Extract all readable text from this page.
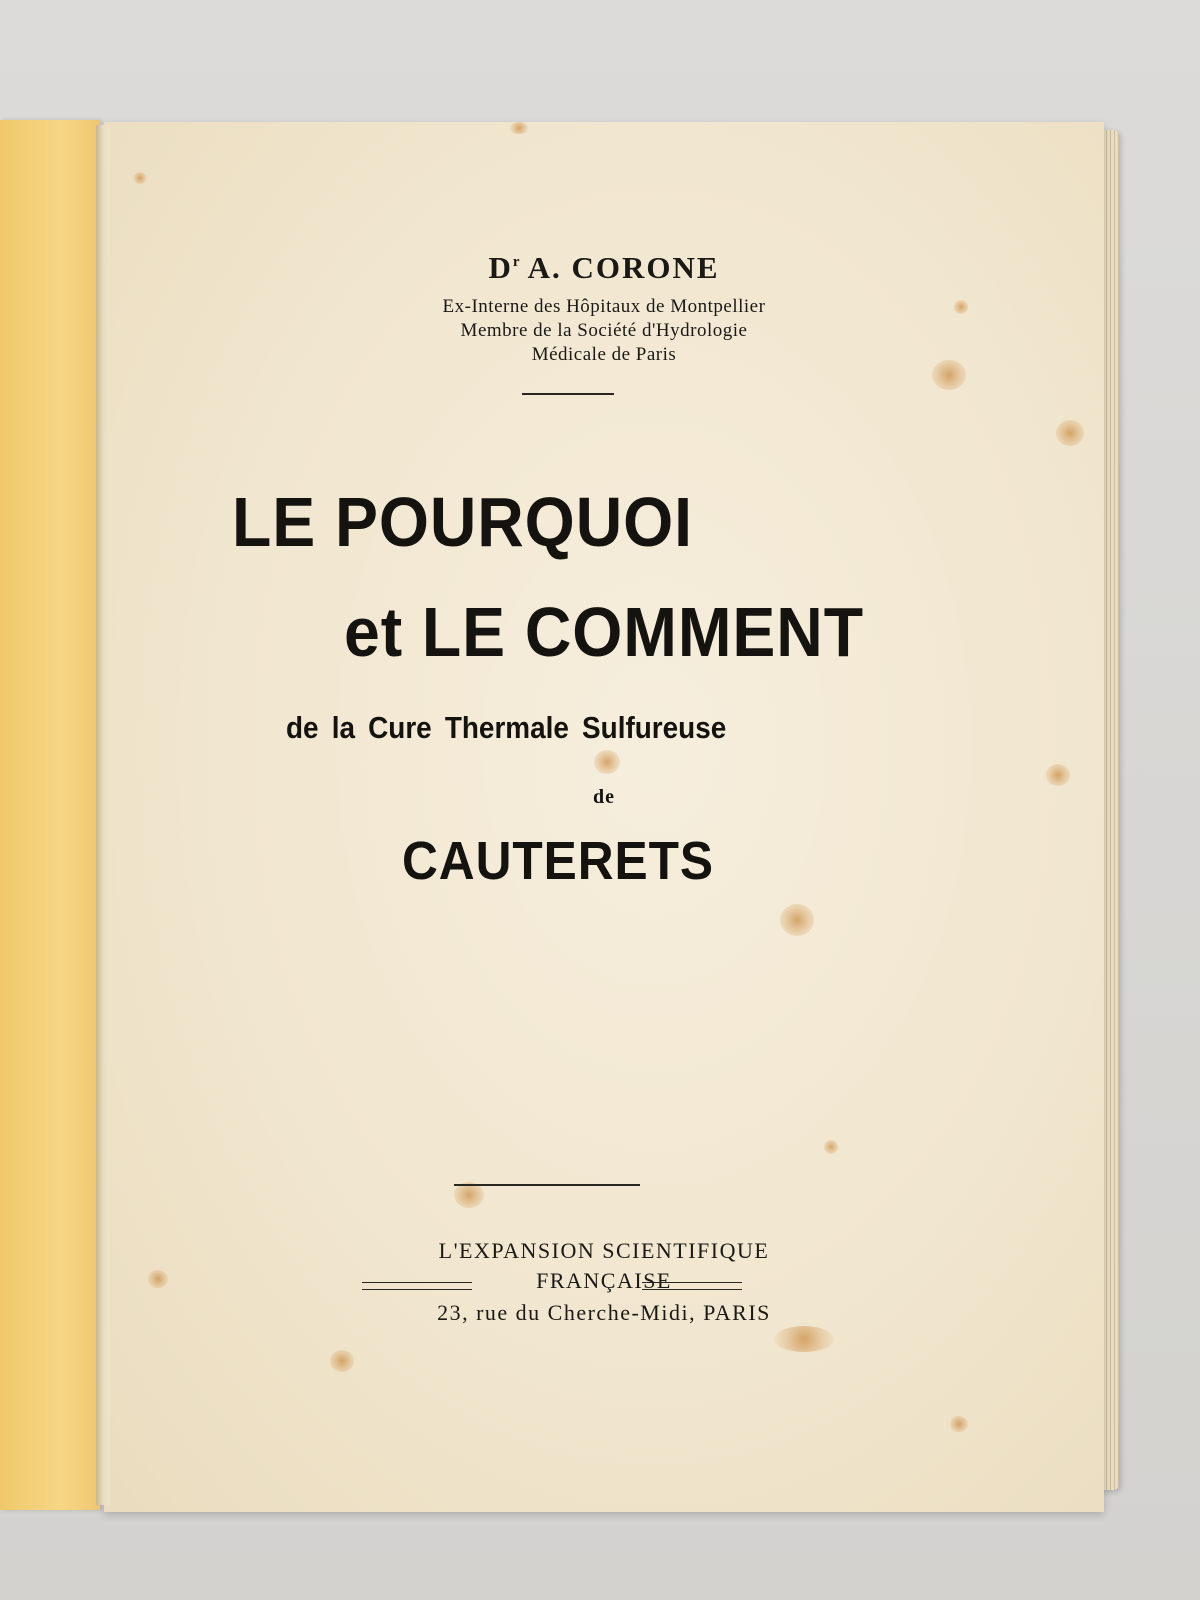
$D^r$ A. CORONE
Ex-Interne des Hôpitaux de Montpellier
Membre de la Société d'Hydrologie
Médicale de Paris
LE POURQUOI
et LE COMMENT
de la Cure Thermale Sulfureuse
de
CAUTERETS
L'EXPANSION SCIENTIFIQUE
FRANÇAISE
23, rue du Cherche-Midi, PARIS
